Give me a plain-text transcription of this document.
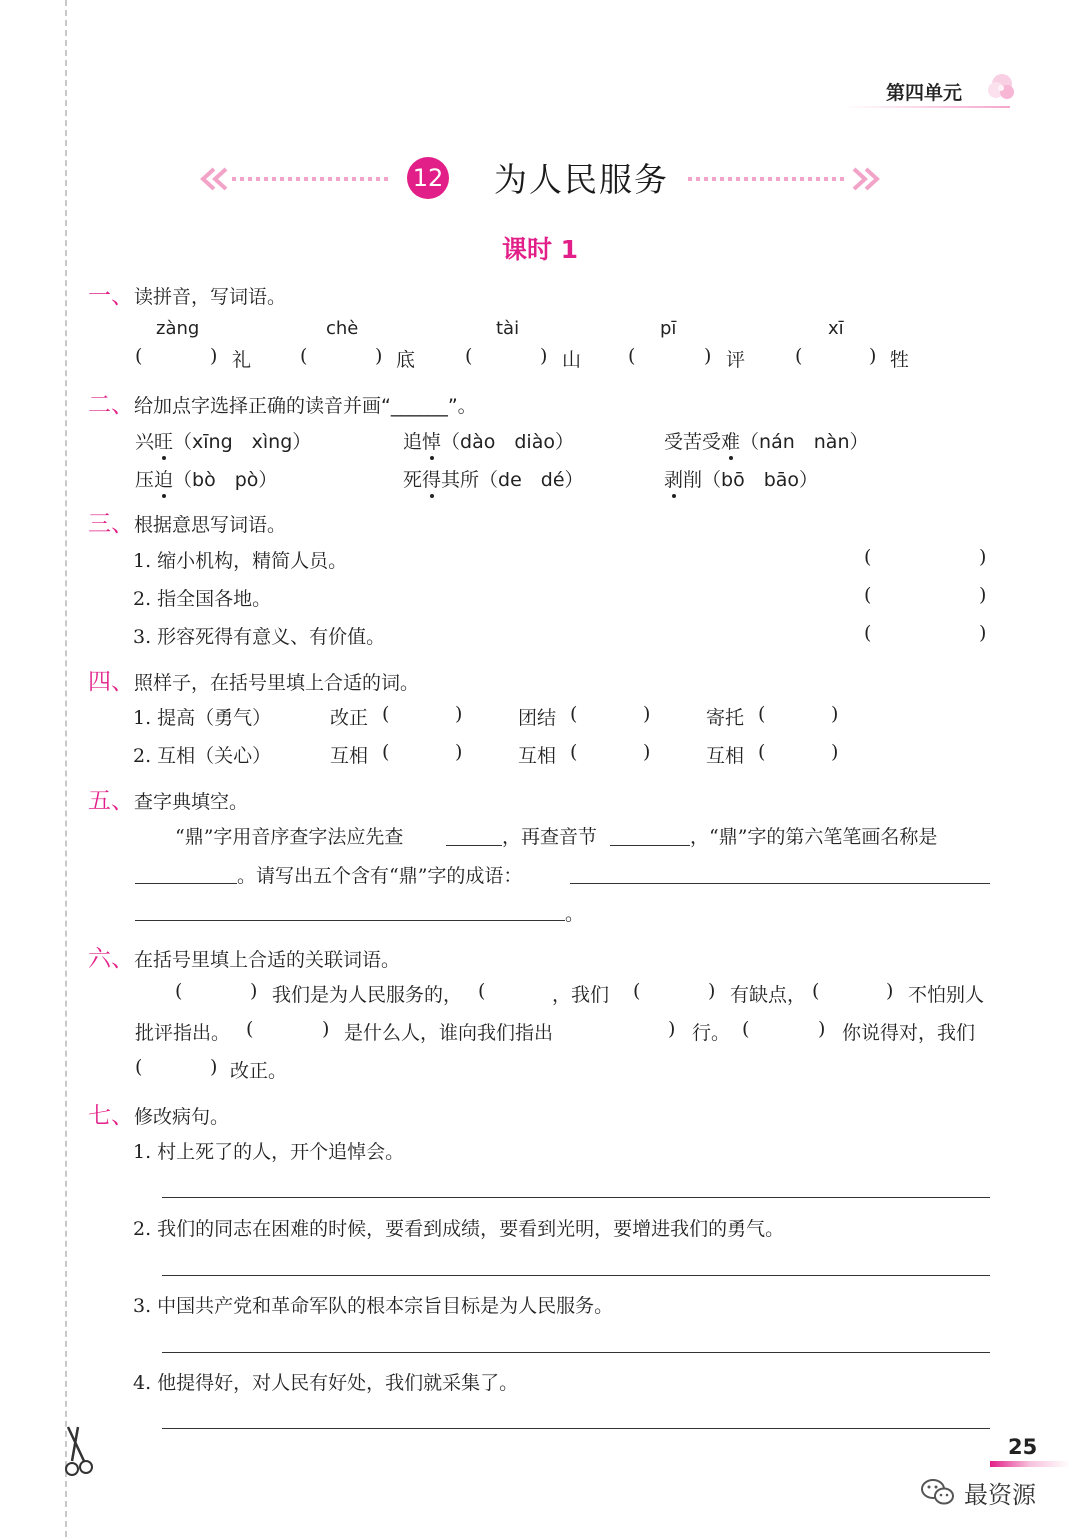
第四单元
12 为人民服务
课时 1
一、读拼音，写词语。
zàng	chè	tài	pī	xī
(	) 礼	(	) 底	(	) 山 (	) 评	(	) 牲
二、给加点字选择正确的读音并画“______”。
兴旺（xīng　xìng）	追悼（dào　diào）	受苦受难（nán　nàn）
压迫（bò　pò）	死得其所（de　dé）	剥削（bō　bāo）
三、根据意思写词语。
1. 缩小机构，精简人员。	(	)
2. 指全国各地。	(	)
3. 形容死得有意义、有价值。	(	)
四、照样子，在括号里填上合适的词。
1. 提高（勇气）	改正 (	)	团结 (	)	寄托 (	)
2. 互相（关心）	互相 (	)	互相 (	)	互相 (	)
五、查字典填空。
“鼎”字用音序查字法应先查	，再查音节	，“鼎”字的第六笔笔画名称是
。请写出五个含有“鼎”字的成语：
。
六、在括号里填上合适的关联词语。
(	) 我们是为人民服务的， (	，我们 (	) 有缺点， (	) 不怕别人
批评指出。 (	) 是什么人，谁向我们指出	) 行。 (	) 你说得对，我们
(	) 改正。
七、修改病句。
1. 村上死了的人，开个追悼会。
2. 我们的同志在困难的时候，要看到成绩，要看到光明，要增进我们的勇气。
3. 中国共产党和革命军队的根本宗旨目标是为人民服务。
4. 他提得好，对人民有好处，我们就采集了。
25
最资源
